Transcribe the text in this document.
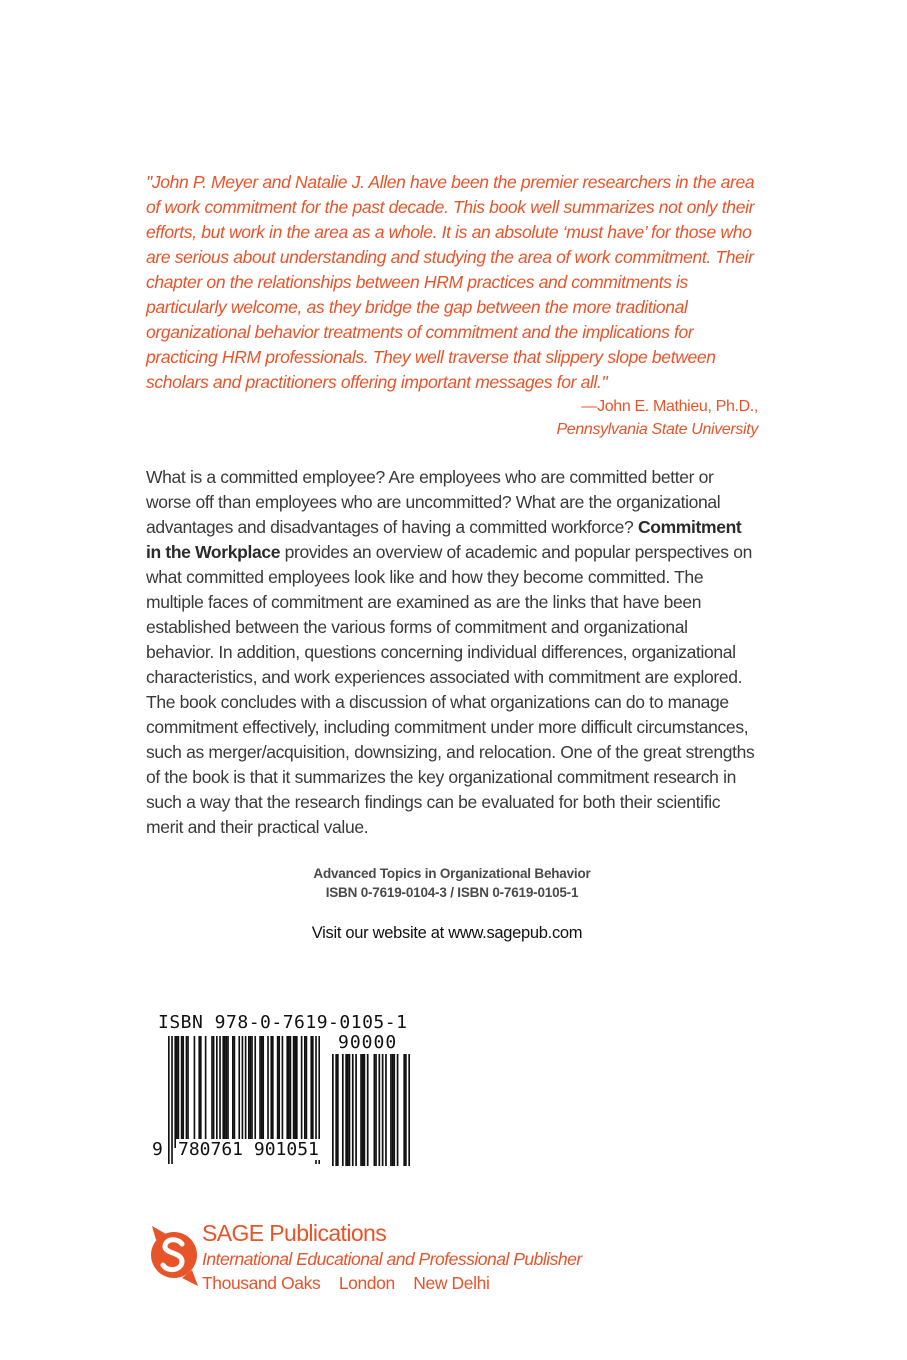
"John P. Meyer and Natalie J. Allen have been the premier researchers in the area of work commitment for the past decade. This book well summarizes not only their efforts, but work in the area as a whole. It is an absolute ‘must have’ for those who are serious about understanding and studying the area of work commitment. Their chapter on the relationships between HRM practices and commitments is particularly welcome, as they bridge the gap between the more traditional organizational behavior treatments of commitment and the implications for practicing HRM professionals. They well traverse that slippery slope between scholars and practitioners offering important messages for all."

—John E. Mathieu, Ph.D.,
Pennsylvania State University

What is a committed employee? Are employees who are committed better or worse off than employees who are uncommitted? What are the organizational advantages and disadvantages of having a committed workforce? Commitment in the Workplace provides an overview of academic and popular perspectives on what committed employees look like and how they become committed. The multiple faces of commitment are examined as are the links that have been established between the various forms of commitment and organizational behavior. In addition, questions concerning individual differences, organizational characteristics, and work experiences associated with commitment are explored. The book concludes with a discussion of what organizations can do to manage commitment effectively, including commitment under more difficult circumstances, such as merger/acquisition, downsizing, and relocation. One of the great strengths of the book is that it summarizes the key organizational commitment research in such a way that the research findings can be evaluated for both their scientific merit and their practical value.

Advanced Topics in Organizational Behavior
ISBN 0-7619-0104-3 / ISBN 0-7619-0105-1
Visit our website at www.sagepub.com
ISBN 978-0-7619-0105-1
90000
9 780761 901051
SAGE Publications
International Educational and Professional Publisher
Thousand Oaks London New Delhi
